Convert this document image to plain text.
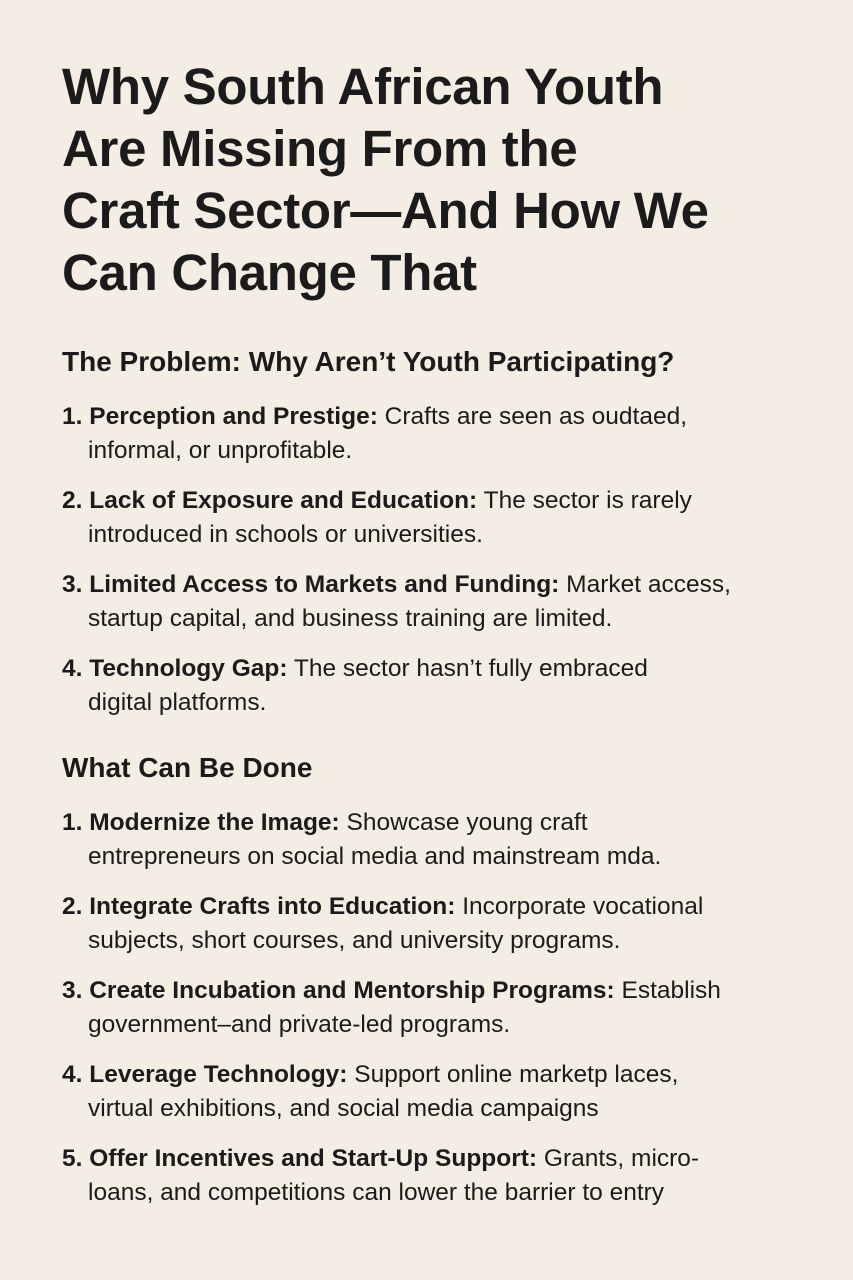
Why South African Youth
Are Missing From the
Craft Sector—And How We
Can Change That
The Problem: Why Aren’t Youth Participating?
1. Perception and Prestige: Crafts are seen as oudtaed,
informal, or unprofitable.
2. Lack of Exposure and Education: The sector is rarely
introduced in schools or universities.
3. Limited Access to Markets and Funding: Market access,
startup capital, and business training are limited.
4. Technology Gap: The sector hasn’t fully embraced
digital platforms.
What Can Be Done
1. Modernize the Image: Showcase young craft
entrepreneurs on social media and mainstream mda.
2. Integrate Crafts into Education: Incorporate vocational
subjects, short courses, and university programs.
3. Create Incubation and Mentorship Programs: Establish
government–and private-led programs.
4. Leverage Technology: Support online marketp laces,
virtual exhibitions, and social media campaigns
5. Offer Incentives and Start-Up Support: Grants, micro-
loans, and competitions can lower the barrier to entry
